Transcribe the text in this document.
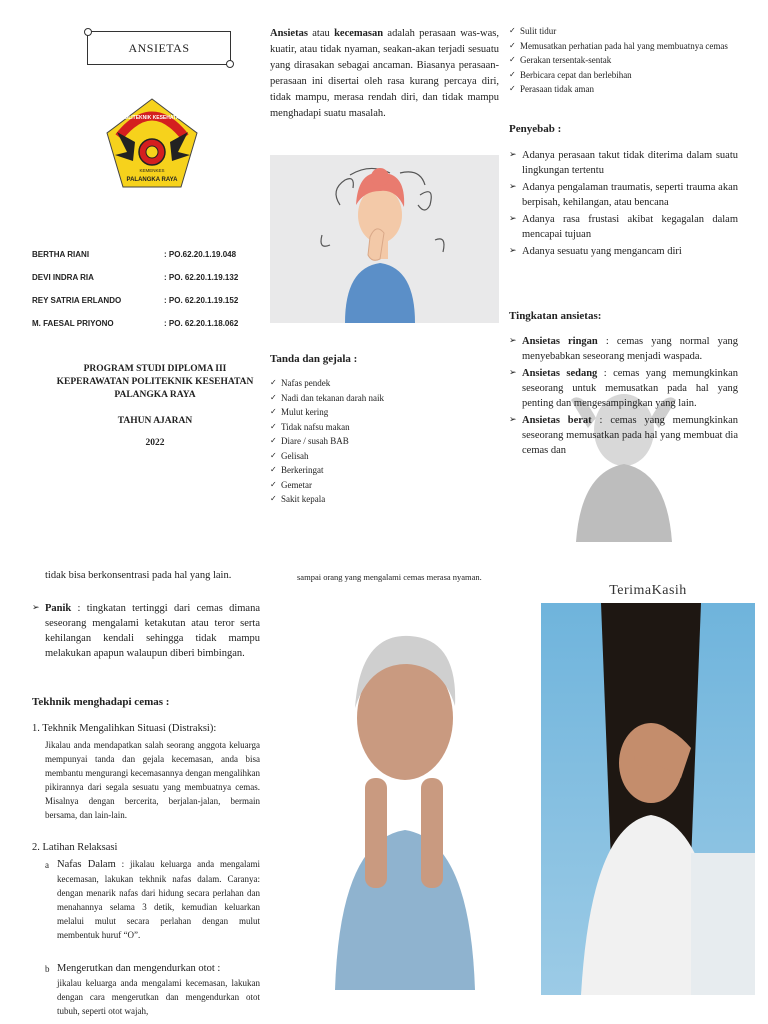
ANSIETAS
KEMENKES
PALANGKA RAYA
POLITEKNIK KESEHATAN
BERTHA RIANI	: PO.62.20.1.19.048
DEVI INDRA RIA	: PO. 62.20.1.19.132
REY SATRIA ERLANDO	: PO. 62.20.1.19.152
M. FAESAL PRIYONO	: PO. 62.20.1.18.062
PROGRAM STUDI DIPLOMA III KEPERAWATAN POLITEKNIK KESEHATAN PALANGKA RAYA
TAHUN AJARAN
2022
Ansietas atau kecemasan adalah perasaan was-was, kuatir, atau tidak nyaman, seakan-akan terjadi sesuatu yang dirasakan sebagai ancaman. Biasanya perasaan-perasaan ini disertai oleh rasa kurang percaya diri, tidak mampu, merasa rendah diri, dan tidak mampu menghadapi suatu masalah.
Tanda dan gejala :
✓ Nafas pendek
✓ Nadi dan tekanan darah naik
✓ Mulut kering
✓ Tidak nafsu makan
✓ Diare / susah BAB
✓ Gelisah
✓ Berkeringat
✓ Gemetar
✓ Sakit kepala
✓ Sulit tidur
✓ Memusatkan perhatian pada hal yang membuatnya cemas
✓ Gerakan tersentak-sentak
✓ Berbicara cepat dan berlebihan
✓ Perasaan tidak aman
Penyebab :
➢ Adanya perasaan takut tidak diterima dalam suatu lingkungan tertentu
➢ Adanya pengalaman traumatis, seperti trauma akan berpisah, kehilangan, atau bencana
➢ Adanya rasa frustasi akibat kegagalan dalam mencapai tujuan
➢ Adanya sesuatu yang mengancam diri
Tingkatan ansietas:
➢ Ansietas ringan : cemas yang normal yang menyebabkan seseorang menjadi waspada.
➢ Ansietas sedang : cemas yang memungkinkan seseorang untuk memusatkan pada hal yang penting dan mengesampingkan yang lain.
➢ Ansietas berat : cemas yang memungkinkan seseorang memusatkan pada hal yang membuat dia cemas dan
tidak bisa berkonsentrasi pada hal yang lain.
➢ Panik : tingkatan tertinggi dari cemas dimana seseorang mengalami ketakutan atau teror serta kehilangan kendali sehingga tidak mampu melakukan apapun walaupun diberi bimbingan.
Tekhnik menghadapi cemas :
1. Tekhnik Mengalihkan Situasi (Distraksi):
Jikalau anda mendapatkan salah seorang anggota keluarga mempunyai tanda dan gejala kecemasan, anda bisa membantu mengurangi kecemasannya dengan mengalihkan pikirannya dari segala sesuatu yang membuatnya cemas. Misalnya dengan bercerita, berjalan-jalan, bermain bersama, dan lain-lain.
2. Latihan Relaksasi
a Nafas Dalam : jikalau keluarga anda mengalami kecemasan, lakukan tekhnik nafas dalam. Caranya: dengan menarik nafas dari hidung secara perlahan dan menahannya selama 3 detik, kemudian keluarkan melalui mulut secara perlahan dengan mulut membentuk huruf “O”.
b Mengerutkan dan mengendurkan otot :
jikalau keluarga anda mengalami kecemasan, lakukan dengan cara mengerutkan dan mengendurkan otot tubuh, seperti otot wajah,
sampai orang yang mengalami cemas merasa nyaman.
TerimaKasih
